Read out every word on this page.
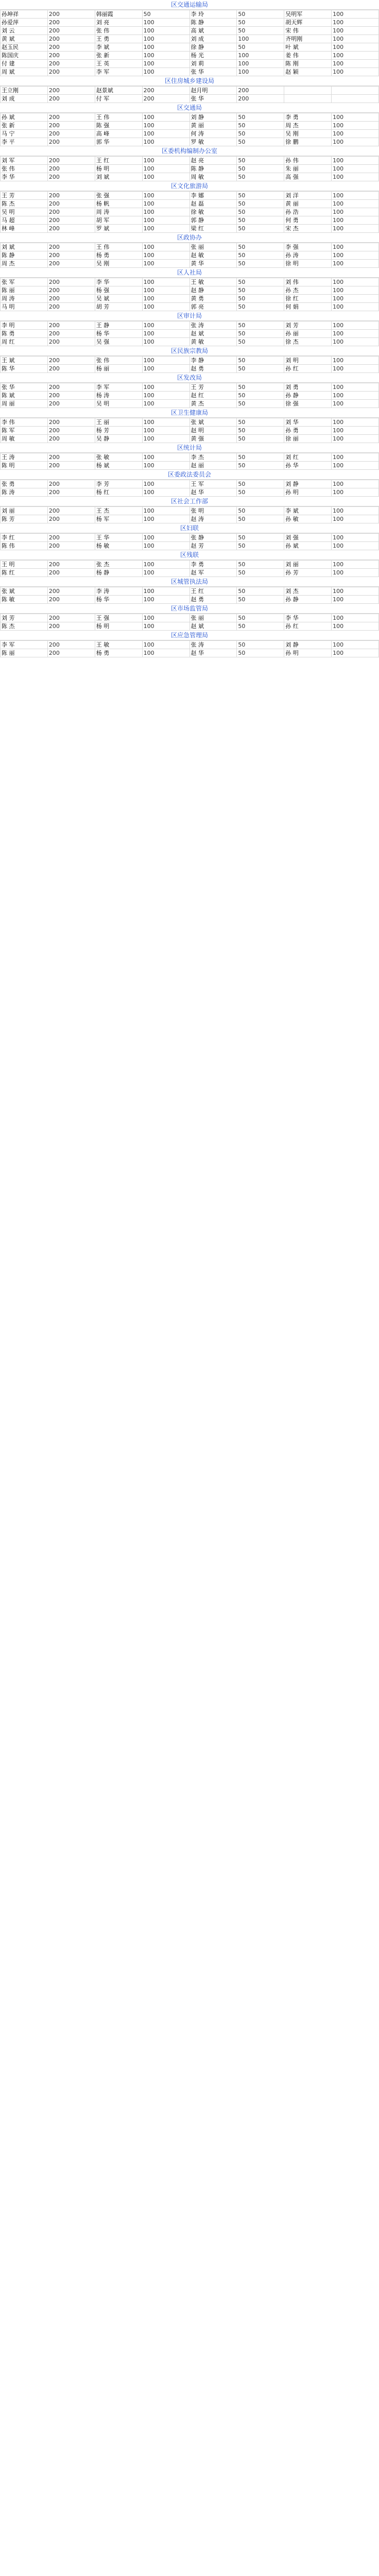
区交通运输局
孙坤祥	200	韩丽霞	50	李 玲	50	吴明军	100
孙爱萍	200	刘 亮	100	陈 静	50	胡天辉	100
刘 云	200	张 伟	100	高 斌	50	宋 伟	100
黄 斌	200	王 勇	100	刘 成	100	齐明刚	100
赵玉民	200	李 斌	100	徐 静	50	叶 斌	100
陈国庆	200	张 新	100	杨 光	100	姜 伟	100
付 建	200	王 英	100	刘 莉	100	陈 刚	100
周 斌	200	李 军	100	张 华	100	赵 颖	100
区住房城乡建设局
王立刚	200	赵景斌	200	赵月明	200		
刘 成	200	付 军	200	张 华	200		
区交通局
孙 斌	200	王 伟	100	刘 静	50	李 勇	100
张 新	200	陈 强	100	黄 丽	50	周 杰	100
马 宁	200	高 峰	100	何 涛	50	吴 刚	100
李 平	200	郭 华	100	罗 敏	50	徐 鹏	100
区委机构编制办公室
刘 军	200	王 红	100	赵 亮	50	孙 伟	100
张 伟	200	杨 明	100	陈 静	50	朱 丽	100
李 华	200	刘 斌	100	周 敏	50	高 强	100
区文化旅游局
王 芳	200	张 强	100	李 娜	50	刘 洋	100
陈 杰	200	杨 帆	100	赵 磊	50	黄 丽	100
吴 明	200	周 涛	100	徐 敏	50	孙 浩	100
马 超	200	胡 军	100	郭 静	50	何 勇	100
林 峰	200	罗 斌	100	梁 红	50	宋 杰	100
区政协办
刘 斌	200	王 伟	100	张 丽	50	李 强	100
陈 静	200	杨 勇	100	赵 敏	50	孙 涛	100
周 杰	200	吴 刚	100	黄 华	50	徐 明	100
区人社局
张 军	200	李 华	100	王 敏	50	刘 伟	100
陈 丽	200	杨 强	100	赵 静	50	孙 杰	100
周 涛	200	吴 斌	100	黄 勇	50	徐 红	100
马 明	200	胡 芳	100	郭 亮	50	何 娟	100
区审计局
李 明	200	王 静	100	张 涛	50	刘 芳	100
陈 勇	200	杨 华	100	赵 斌	50	孙 丽	100
周 红	200	吴 强	100	黄 敏	50	徐 杰	100
区民族宗教局
王 斌	200	张 伟	100	李 静	50	刘 明	100
陈 华	200	杨 丽	100	赵 勇	50	孙 红	100
区发改局
张 华	200	李 军	100	王 芳	50	刘 勇	100
陈 斌	200	杨 涛	100	赵 红	50	孙 静	100
周 丽	200	吴 明	100	黄 杰	50	徐 强	100
区卫生健康局
李 伟	200	王 丽	100	张 斌	50	刘 华	100
陈 军	200	杨 芳	100	赵 明	50	孙 勇	100
周 敏	200	吴 静	100	黄 强	50	徐 丽	100
区统计局
王 涛	200	张 敏	100	李 杰	50	刘 红	100
陈 明	200	杨 斌	100	赵 丽	50	孙 华	100
区委政法委员会
张 勇	200	李 芳	100	王 军	50	刘 静	100
陈 涛	200	杨 红	100	赵 华	50	孙 明	100
区社会工作部
刘 丽	200	王 杰	100	张 明	50	李 斌	100
陈 芳	200	杨 军	100	赵 涛	50	孙 敏	100
区妇联
李 红	200	王 华	100	张 静	50	刘 强	100
陈 伟	200	杨 敏	100	赵 芳	50	孙 斌	100
区残联
王 明	200	张 杰	100	李 勇	50	刘 丽	100
陈 红	200	杨 静	100	赵 军	50	孙 芳	100
区城管执法局
张 斌	200	李 涛	100	王 红	50	刘 杰	100
陈 敏	200	杨 华	100	赵 勇	50	孙 静	100
区市场监管局
刘 芳	200	王 强	100	张 丽	50	李 华	100
陈 杰	200	杨 明	100	赵 斌	50	孙 红	100
区应急管理局
李 军	200	王 敏	100	张 涛	50	刘 静	100
陈 丽	200	杨 勇	100	赵 华	50	孙 明	100
